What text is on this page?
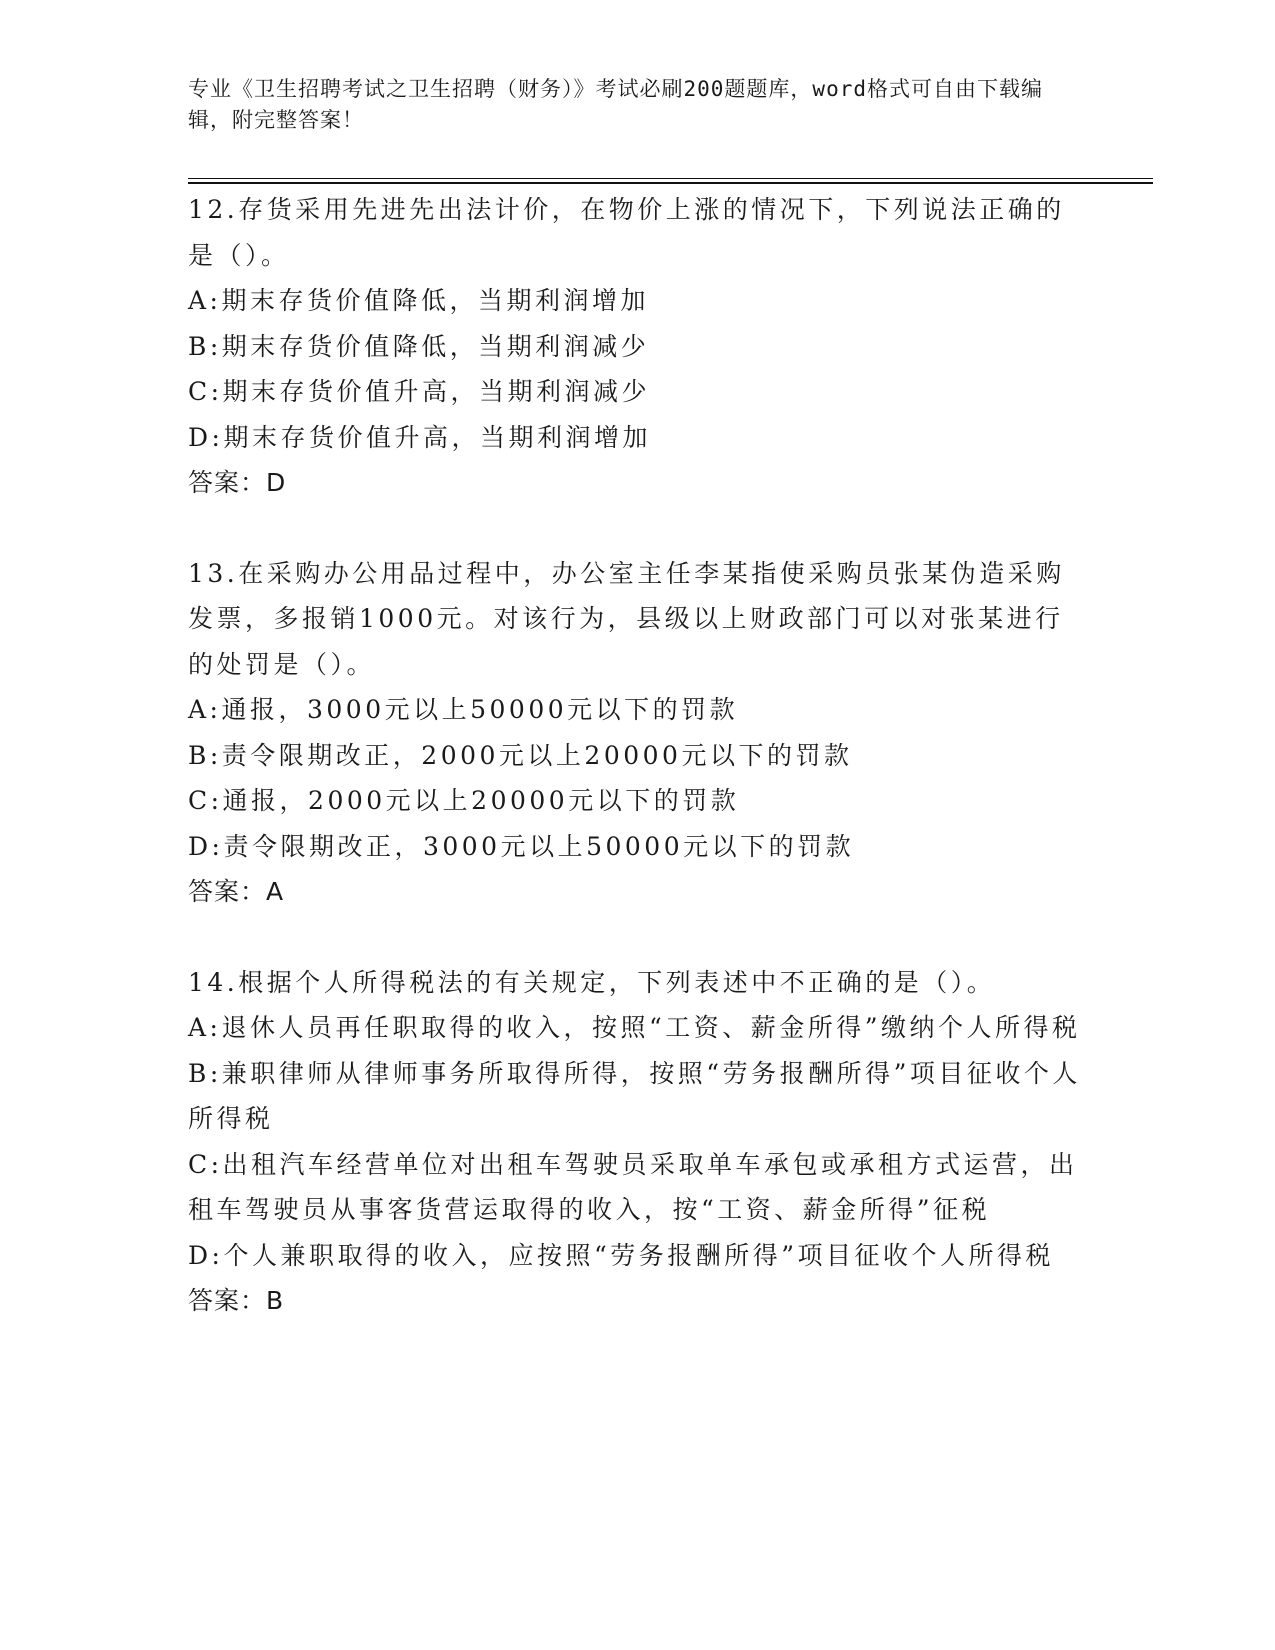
专业《卫生招聘考试之卫生招聘（财务）》考试必刷200题题库，word格式可自由下载编辑，附完整答案！

12.存货采用先进先出法计价，在物价上涨的情况下，下列说法正确的是（）。

A:期末存货价值降低，当期利润增加

B:期末存货价值降低，当期利润减少

C:期末存货价值升高，当期利润减少

D:期末存货价值升高，当期利润增加

答案：D

13.在采购办公用品过程中，办公室主任李某指使采购员张某伪造采购发票，多报销1000元。对该行为，县级以上财政部门可以对张某进行的处罚是（）。

A:通报，3000元以上50000元以下的罚款

B:责令限期改正，2000元以上20000元以下的罚款

C:通报，2000元以上20000元以下的罚款

D:责令限期改正，3000元以上50000元以下的罚款

答案：A

14.根据个人所得税法的有关规定，下列表述中不正确的是（）。

A:退休人员再任职取得的收入，按照“工资、薪金所得”缴纳个人所得税

B:兼职律师从律师事务所取得所得，按照“劳务报酬所得”项目征收个人所得税

C:出租汽车经营单位对出租车驾驶员采取单车承包或承租方式运营，出租车驾驶员从事客货营运取得的收入，按“工资、薪金所得”征税

D:个人兼职取得的收入，应按照“劳务报酬所得”项目征收个人所得税

答案：B
